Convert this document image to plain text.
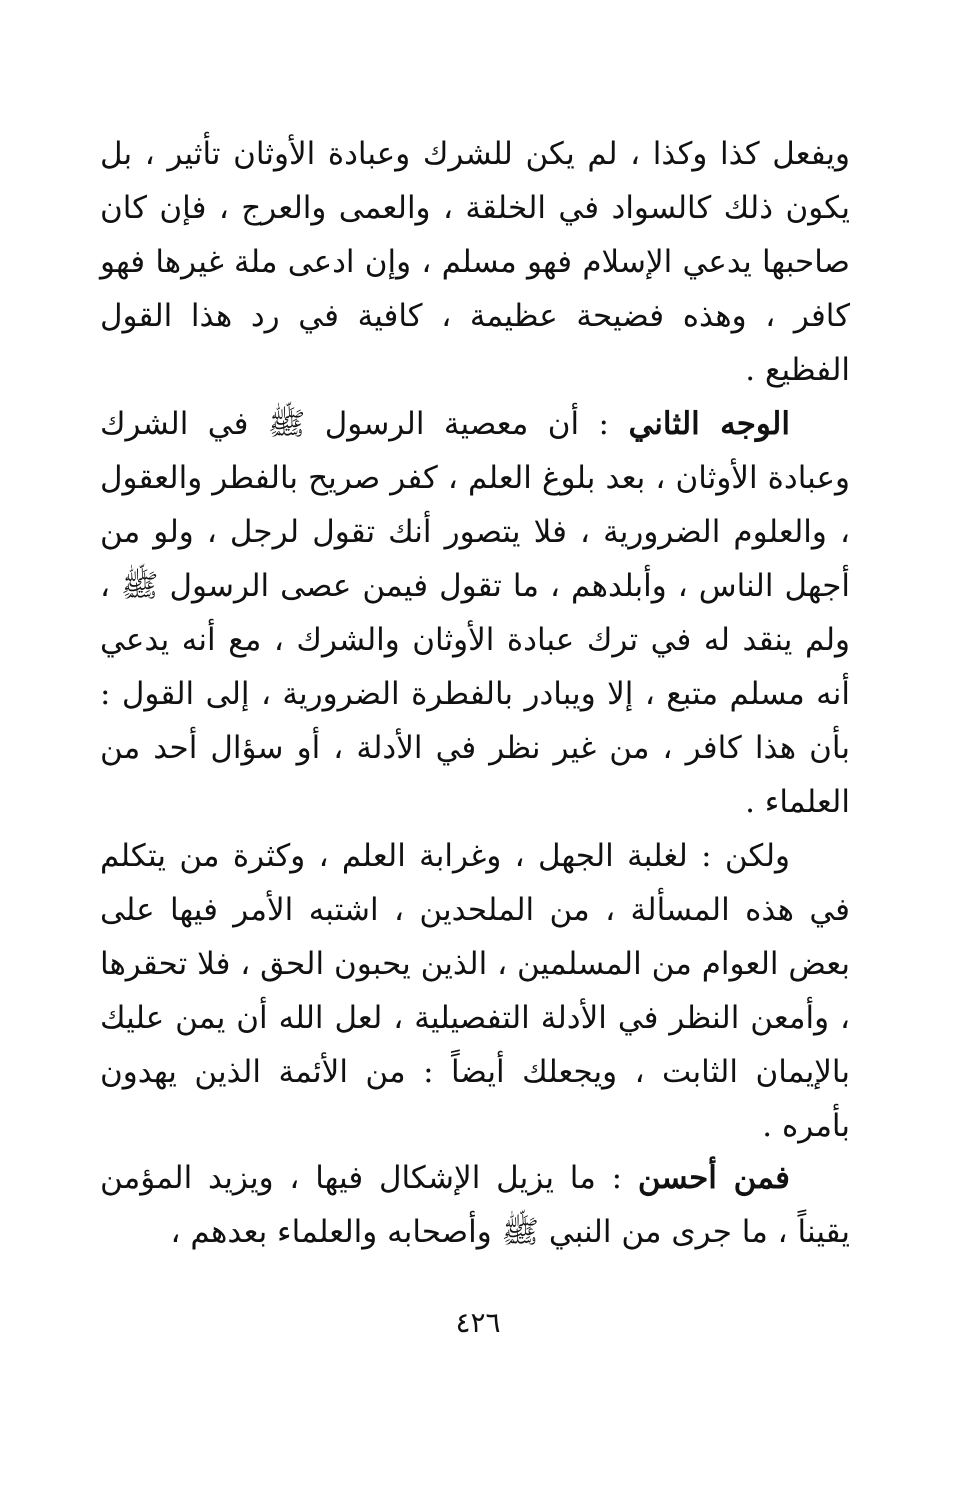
ويفعل كذا وكذا ، لم يكن للشرك وعبادة الأوثان تأثير ، بل يكون ذلك كالسواد في الخلقة ، والعمى والعرج ، فإن كان صاحبها يدعي الإسلام فهو مسلم ، وإن ادعى ملة غيرها فهو كافر ، وهذه فضيحة عظيمة ، كافية في رد هذا القول الفظيع .

الوجه الثاني : أن معصية الرسول ﷺ في الشرك وعبادة الأوثان ، بعد بلوغ العلم ، كفر صريح بالفطر والعقول ، والعلوم الضرورية ، فلا يتصور أنك تقول لرجل ، ولو من أجهل الناس ، وأبلدهم ، ما تقول فيمن عصى الرسول ﷺ ، ولم ينقد له في ترك عبادة الأوثان والشرك ، مع أنه يدعي أنه مسلم متبع ، إلا ويبادر بالفطرة الضرورية ، إلى القول : بأن هذا كافر ، من غير نظر في الأدلة ، أو سؤال أحد من العلماء .

ولكن : لغلبة الجهل ، وغرابة العلم ، وكثرة من يتكلم في هذه المسألة ، من الملحدين ، اشتبه الأمر فيها على بعض العوام من المسلمين ، الذين يحبون الحق ، فلا تحقرها ، وأمعن النظر في الأدلة التفصيلية ، لعل الله أن يمن عليك بالإيمان الثابت ، ويجعلك أيضاً : من الأئمة الذين يهدون بأمره .

فمن أحسن : ما يزيل الإشكال فيها ، ويزيد المؤمن يقيناً ، ما جرى من النبي ﷺ وأصحابه والعلماء بعدهم ،

٤٢٦
